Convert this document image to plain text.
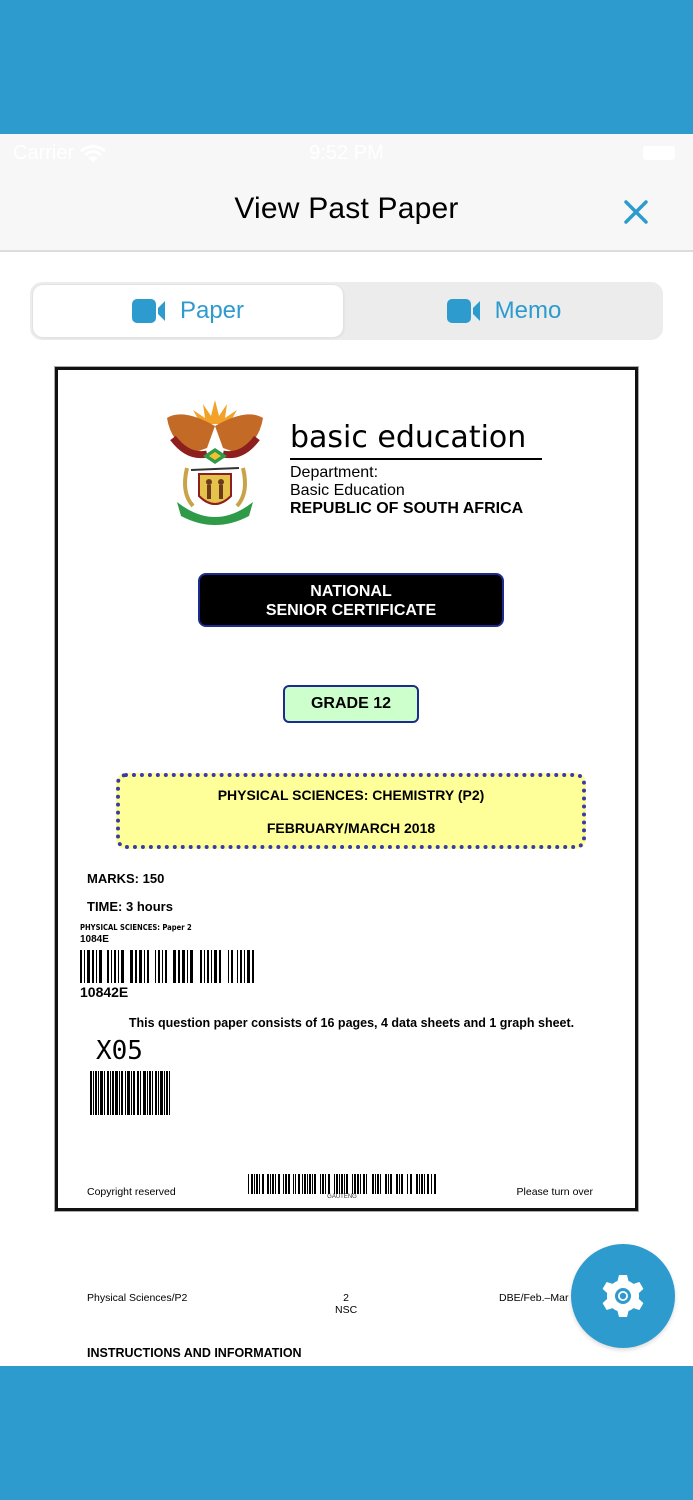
Carrier	9:52 PM
View Past Paper
Paper	Memo
basic education
Department:
Basic Education
REPUBLIC OF SOUTH AFRICA
NATIONAL
SENIOR CERTIFICATE
GRADE 12
PHYSICAL SCIENCES: CHEMISTRY (P2)
FEBRUARY/MARCH 2018
MARKS: 150
TIME: 3 hours
PHYSICAL SCIENCES: Paper 2
1084E
10842E
This question paper consists of 16 pages, 4 data sheets and 1 graph sheet.
X05
Copyright reserved	GAUTENG	Please turn over
Physical Sciences/P2	2
NSC
DBE/Feb.–Mar
INSTRUCTIONS AND INFORMATION
